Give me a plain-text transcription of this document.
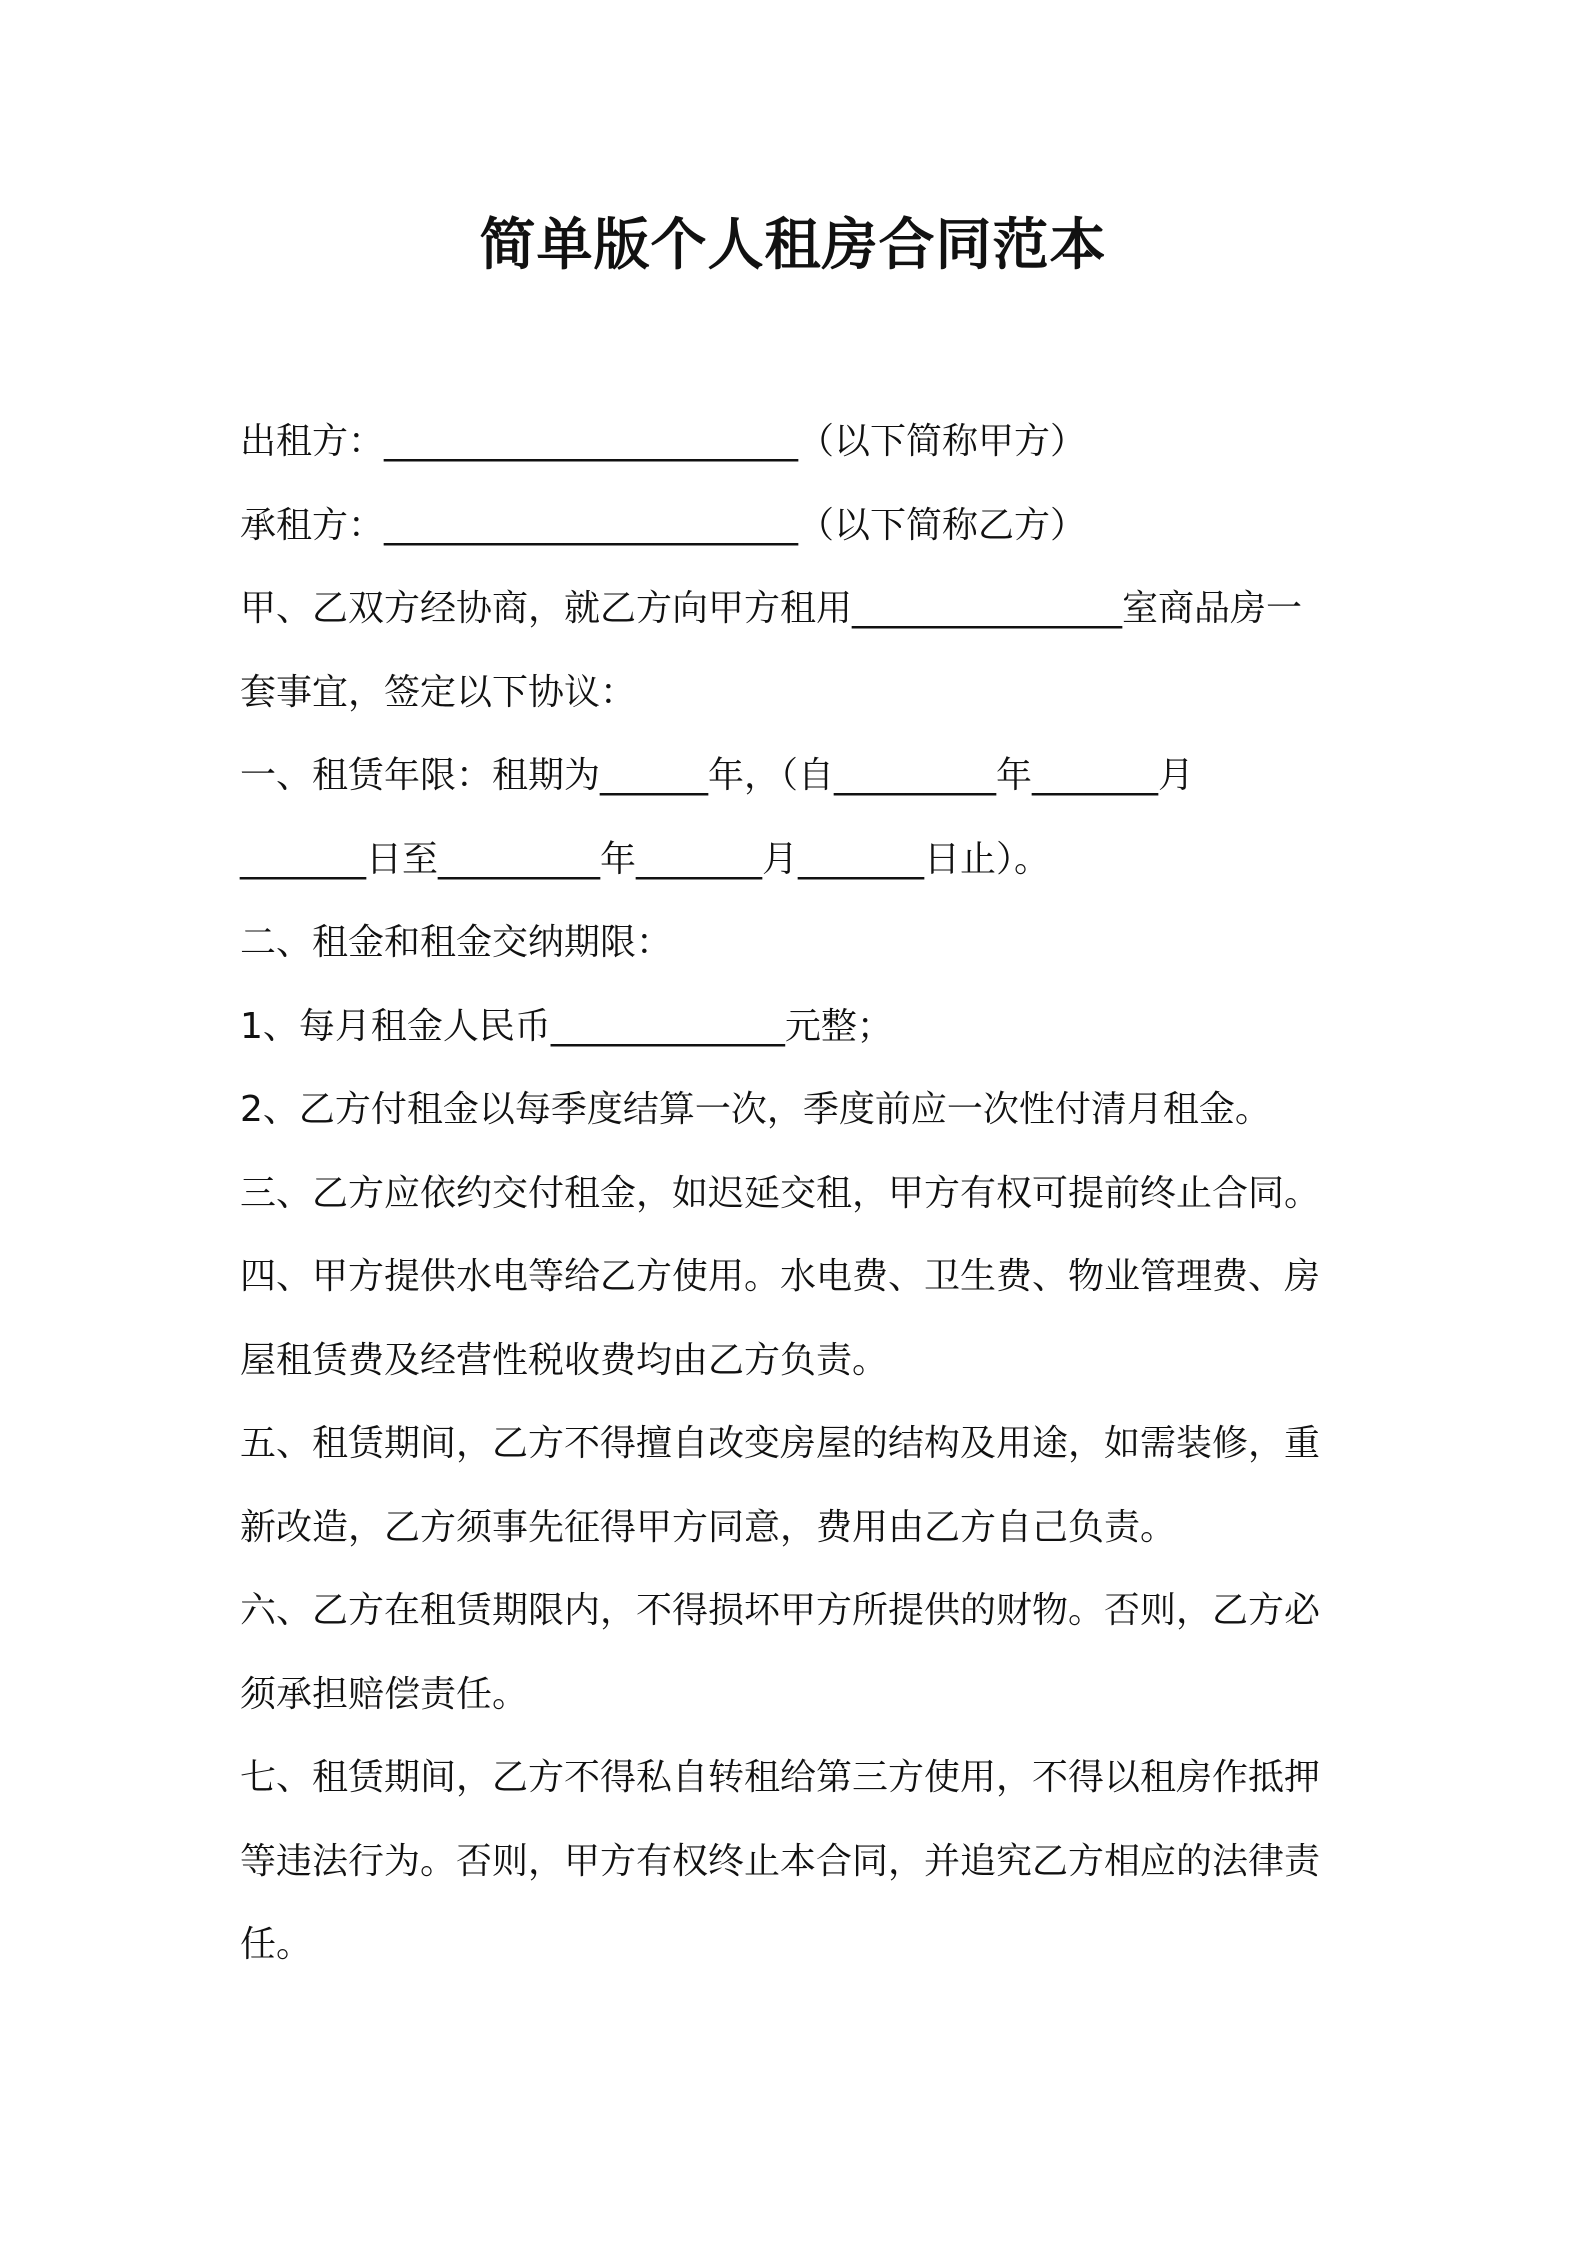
简单版个人租房合同范本
出租方：_______________________（以下简称甲方）
承租方：_______________________（以下简称乙方）
甲、乙双方经协商，就乙方向甲方租用_______________室商品房一
套事宜，签定以下协议：
一、租赁年限：租期为______年，（自_________年_______月
_______日至_________年_______月_______日止）。
二、租金和租金交纳期限：
1、每月租金人民币_____________元整；
2、乙方付租金以每季度结算一次，季度前应一次性付清月租金。
三、乙方应依约交付租金，如迟延交租，甲方有权可提前终止合同。
四、甲方提供水电等给乙方使用。水电费、卫生费、物业管理费、房
屋租赁费及经营性税收费均由乙方负责。
五、租赁期间，乙方不得擅自改变房屋的结构及用途，如需装修，重
新改造，乙方须事先征得甲方同意，费用由乙方自己负责。
六、乙方在租赁期限内，不得损坏甲方所提供的财物。否则，乙方必
须承担赔偿责任。
七、租赁期间，乙方不得私自转租给第三方使用，不得以租房作抵押
等违法行为。否则，甲方有权终止本合同，并追究乙方相应的法律责
任。
